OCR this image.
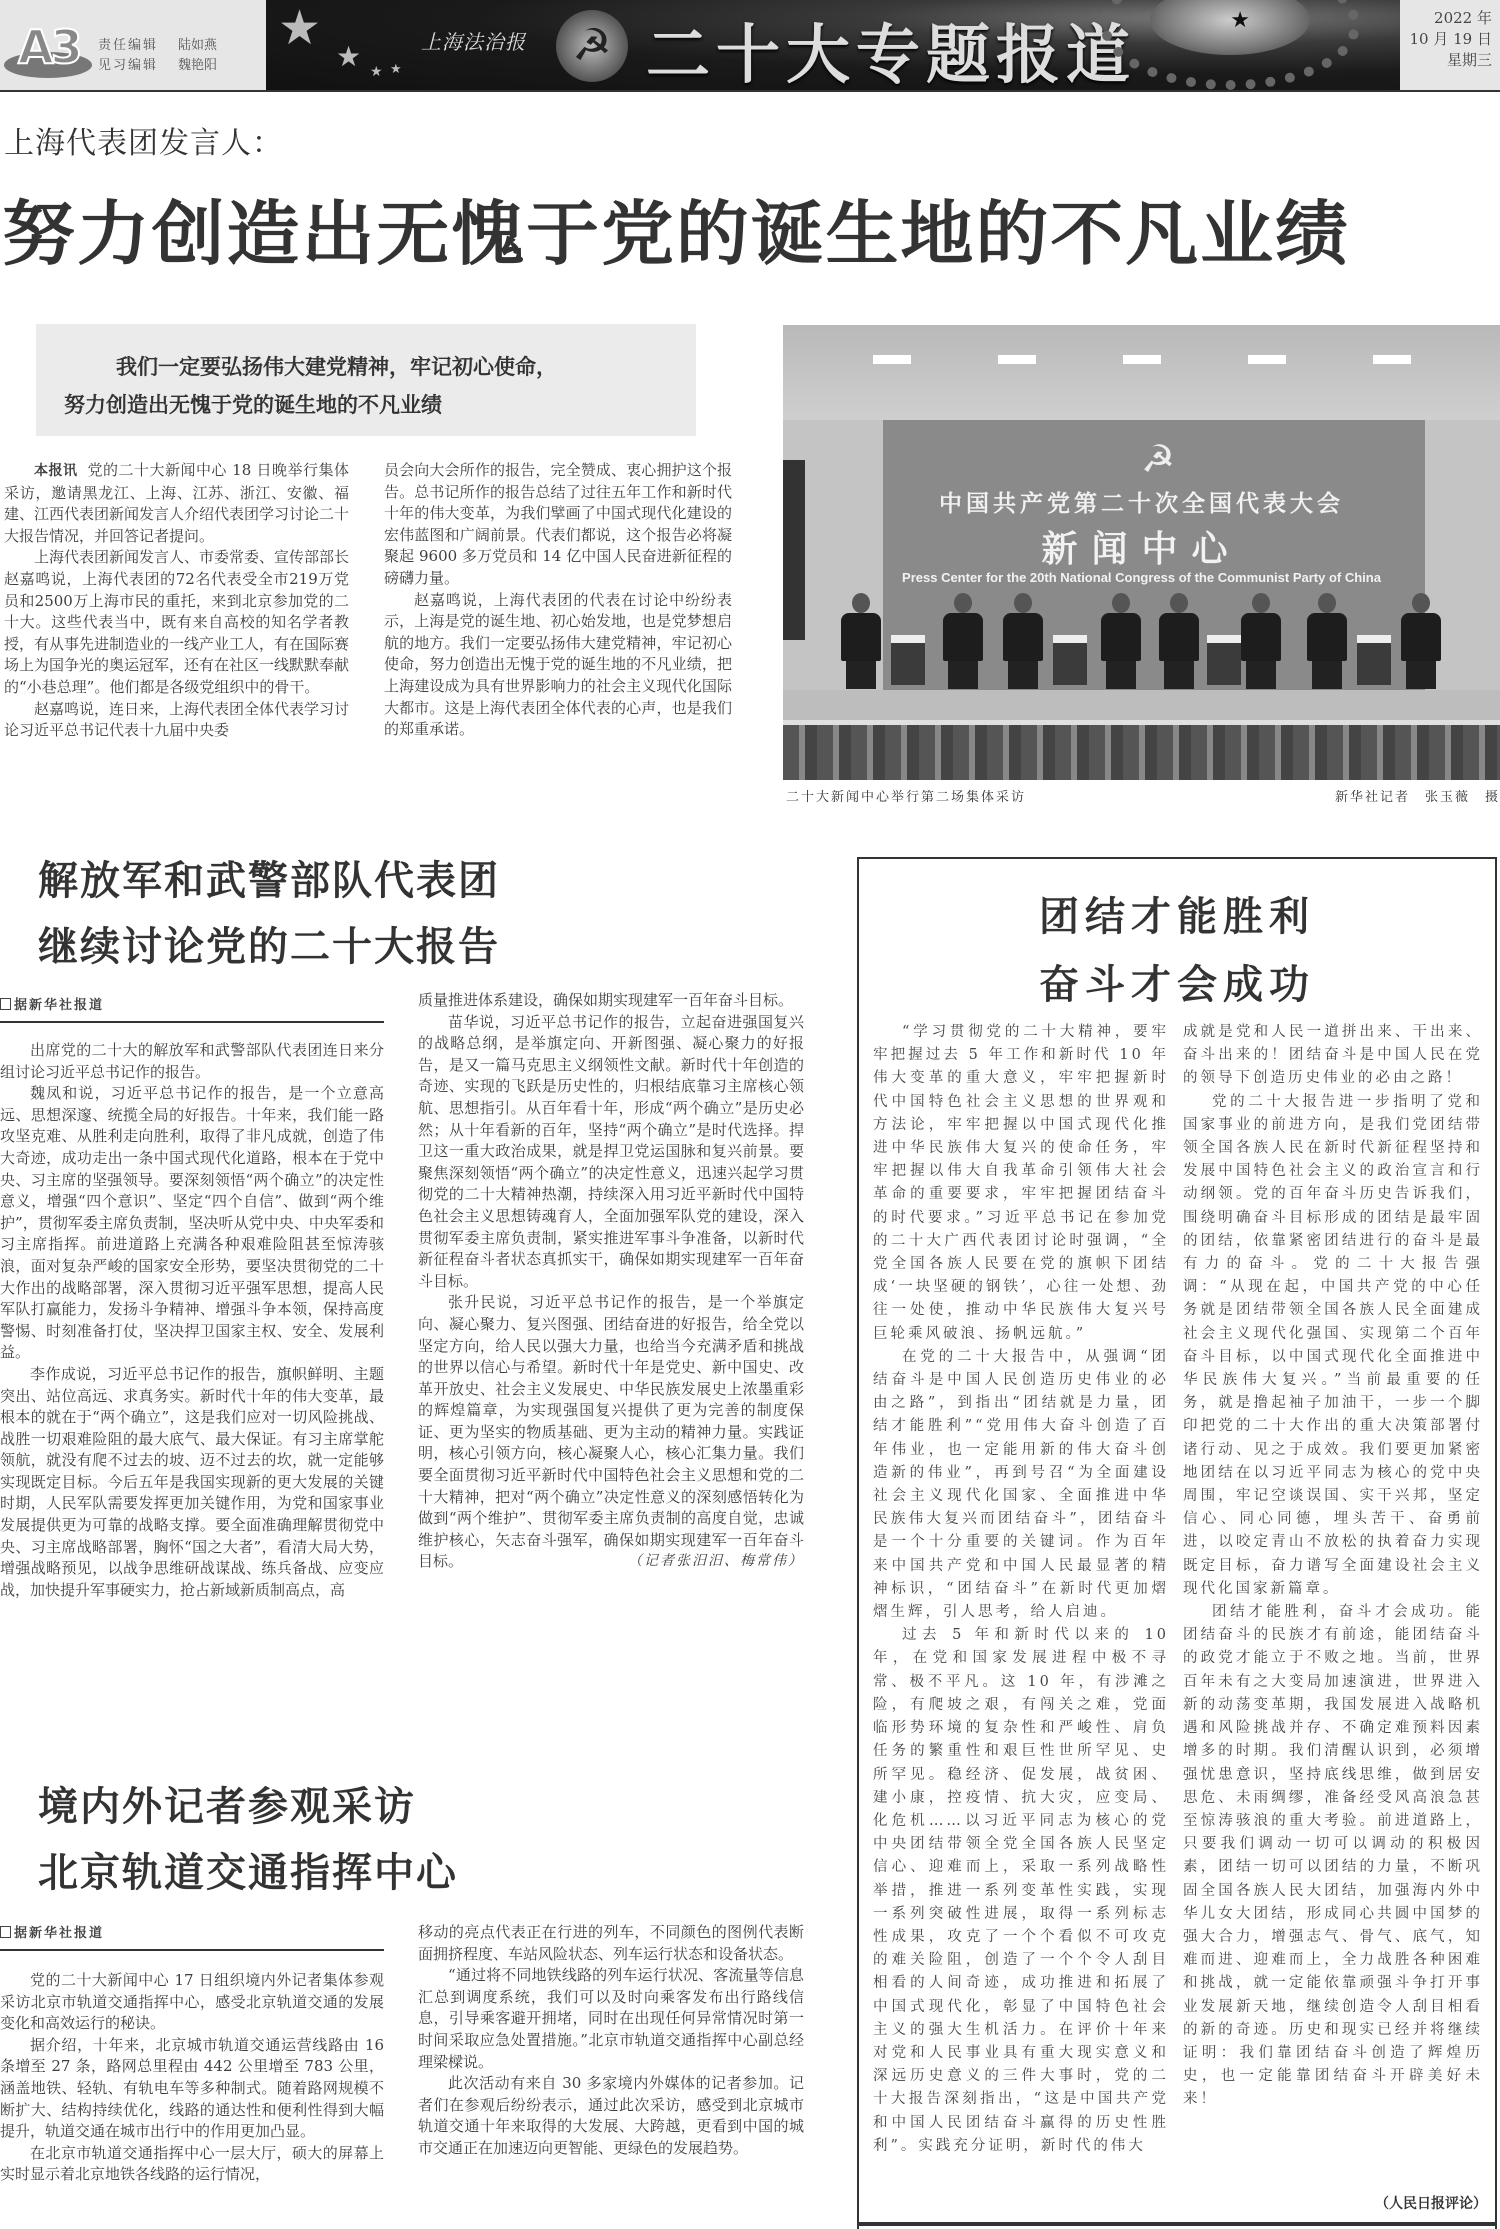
A3 责任编辑 陆如燕
见习编辑 魏艳阳
★
★ ★ ★
上海法治报	☭ 二十大专题报道	★	2022 年
10 月 19 日
星期三
上海代表团发言人：
努力创造出无愧于党的诞生地的不凡业绩
我们一定要弘扬伟大建党精神，牢记初心使命，
努力创造出无愧于党的诞生地的不凡业绩

本报讯 党的二十大新闻中心 18 日晚举行集体采访，邀请黑龙江、上海、江苏、浙江、安徽、福建、江西代表团新闻发言人介绍代表团学习讨论二十大报告情况，并回答记者提问。

上海代表团新闻发言人、市委常委、宣传部部长赵嘉鸣说，上海代表团的72名代表受全市219万党员和2500万上海市民的重托，来到北京参加党的二十大。这些代表当中，既有来自高校的知名学者教授，有从事先进制造业的一线产业工人，有在国际赛场上为国争光的奥运冠军，还有在社区一线默默奉献的“小巷总理”。他们都是各级党组织中的骨干。

赵嘉鸣说，连日来，上海代表团全体代表学习讨论习近平总书记代表十九届中央委

员会向大会所作的报告，完全赞成、衷心拥护这个报告。总书记所作的报告总结了过往五年工作和新时代十年的伟大变革，为我们擘画了中国式现代化建设的宏伟蓝图和广阔前景。代表们都说，这个报告必将凝聚起 9600 多万党员和 14 亿中国人民奋进新征程的磅礴力量。

赵嘉鸣说，上海代表团的代表在讨论中纷纷表示，上海是党的诞生地、初心始发地，也是党梦想启航的地方。我们一定要弘扬伟大建党精神，牢记初心使命，努力创造出无愧于党的诞生地的不凡业绩，把上海建设成为具有世界影响力的社会主义现代化国际大都市。这是上海代表团全体代表的心声，也是我们的郑重承诺。

☭
中国共产党第二十次全国代表大会
新闻中心
Press Center for the 20th National Congress of the Communist Party of China
二十大新闻中心举行第二场集体采访	新华社记者　张玉薇　摄
解放军和武警部队代表团
继续讨论党的二十大报告
据新华社报道

出席党的二十大的解放军和武警部队代表团连日来分组讨论习近平总书记作的报告。

魏凤和说，习近平总书记作的报告，是一个立意高远、思想深邃、统揽全局的好报告。十年来，我们能一路攻坚克难、从胜利走向胜利，取得了非凡成就，创造了伟大奇迹，成功走出一条中国式现代化道路，根本在于党中央、习主席的坚强领导。要深刻领悟“两个确立”的决定性意义，增强“四个意识”、坚定“四个自信”、做到“两个维护”，贯彻军委主席负责制，坚决听从党中央、中央军委和习主席指挥。前进道路上充满各种艰难险阻甚至惊涛骇浪，面对复杂严峻的国家安全形势，要坚决贯彻党的二十大作出的战略部署，深入贯彻习近平强军思想，提高人民军队打赢能力，发扬斗争精神、增强斗争本领，保持高度警惕、时刻准备打仗，坚决捍卫国家主权、安全、发展利益。

李作成说，习近平总书记作的报告，旗帜鲜明、主题突出、站位高远、求真务实。新时代十年的伟大变革，最根本的就在于“两个确立”，这是我们应对一切风险挑战、战胜一切艰难险阻的最大底气、最大保证。有习主席掌舵领航，就没有爬不过去的坡、迈不过去的坎，就一定能够实现既定目标。今后五年是我国实现新的更大发展的关键时期，人民军队需要发挥更加关键作用，为党和国家事业发展提供更为可靠的战略支撑。要全面准确理解贯彻党中央、习主席战略部署，胸怀“国之大者”，看清大局大势，增强战略预见，以战争思维研战谋战、练兵备战、应变应战，加快提升军事硬实力，抢占新域新质制高点，高

质量推进体系建设，确保如期实现建军一百年奋斗目标。

苗华说，习近平总书记作的报告，立起奋进强国复兴的战略总纲，是举旗定向、开新图强、凝心聚力的好报告，是又一篇马克思主义纲领性文献。新时代十年创造的奇迹、实现的飞跃是历史性的，归根结底靠习主席核心领航、思想指引。从百年看十年，形成“两个确立”是历史必然；从十年看新的百年，坚持“两个确立”是时代选择。捍卫这一重大政治成果，就是捍卫党运国脉和复兴前景。要聚焦深刻领悟“两个确立”的决定性意义，迅速兴起学习贯彻党的二十大精神热潮，持续深入用习近平新时代中国特色社会主义思想铸魂育人，全面加强军队党的建设，深入贯彻军委主席负责制，紧实推进军事斗争准备，以新时代新征程奋斗者状态真抓实干，确保如期实现建军一百年奋斗目标。

张升民说，习近平总书记作的报告，是一个举旗定向、凝心聚力、复兴图强、团结奋进的好报告，给全党以坚定方向，给人民以强大力量，也给当今充满矛盾和挑战的世界以信心与希望。新时代十年是党史、新中国史、改革开放史、社会主义发展史、中华民族发展史上浓墨重彩的辉煌篇章，为实现强国复兴提供了更为完善的制度保证、更为坚实的物质基础、更为主动的精神力量。实践证明，核心引领方向，核心凝聚人心，核心汇集力量。我们要全面贯彻习近平新时代中国特色社会主义思想和党的二十大精神，把对“两个确立”决定性意义的深刻感悟转化为做到“两个维护”、贯彻军委主席负责制的高度自觉，忠诚维护核心，矢志奋斗强军，确保如期实现建军一百年奋斗目标。	（记者张汨汨、梅常伟）

境内外记者参观采访
北京轨道交通指挥中心
据新华社报道

党的二十大新闻中心 17 日组织境内外记者集体参观采访北京市轨道交通指挥中心，感受北京轨道交通的发展变化和高效运行的秘诀。

据介绍，十年来，北京城市轨道交通运营线路由 16 条增至 27 条，路网总里程由 442 公里增至 783 公里，涵盖地铁、轻轨、有轨电车等多种制式。随着路网规模不断扩大、结构持续优化，线路的通达性和便利性得到大幅提升，轨道交通在城市出行中的作用更加凸显。

在北京市轨道交通指挥中心一层大厅，硕大的屏幕上实时显示着北京地铁各线路的运行情况，

移动的亮点代表正在行进的列车，不同颜色的图例代表断面拥挤程度、车站风险状态、列车运行状态和设备状态。

“通过将不同地铁线路的列车运行状况、客流量等信息汇总到调度系统，我们可以及时向乘客发布出行路线信息，引导乘客避开拥堵，同时在出现任何异常情况时第一时间采取应急处置措施。”北京市轨道交通指挥中心副总经理梁樑说。

此次活动有来自 30 多家境内外媒体的记者参加。记者们在参观后纷纷表示，通过此次采访，感受到北京城市轨道交通十年来取得的大发展、大跨越，更看到中国的城市交通正在加速迈向更智能、更绿色的发展趋势。

团结才能胜利
奋斗才会成功

“学习贯彻党的二十大精神，要牢牢把握过去 5 年工作和新时代 10 年伟大变革的重大意义，牢牢把握新时代中国特色社会主义思想的世界观和方法论，牢牢把握以中国式现代化推进中华民族伟大复兴的使命任务，牢牢把握以伟大自我革命引领伟大社会革命的重要要求，牢牢把握团结奋斗的时代要求。”习近平总书记在参加党的二十大广西代表团讨论时强调，“全党全国各族人民要在党的旗帜下团结成‘一块坚硬的钢铁’，心往一处想、劲往一处使，推动中华民族伟大复兴号巨轮乘风破浪、扬帆远航。”

在党的二十大报告中，从强调“团结奋斗是中国人民创造历史伟业的必由之路”，到指出“团结就是力量，团结才能胜利”“党用伟大奋斗创造了百年伟业，也一定能用新的伟大奋斗创造新的伟业”，再到号召“为全面建设社会主义现代化国家、全面推进中华民族伟大复兴而团结奋斗”，团结奋斗是一个十分重要的关键词。作为百年来中国共产党和中国人民最显著的精神标识，“团结奋斗”在新时代更加熠熠生辉，引人思考，给人启迪。

过去 5 年和新时代以来的 10 年，在党和国家发展进程中极不寻常、极不平凡。这 10 年，有涉滩之险，有爬坡之艰，有闯关之难，党面临形势环境的复杂性和严峻性、肩负任务的繁重性和艰巨性世所罕见、史所罕见。稳经济、促发展，战贫困、建小康，控疫情、抗大灾，应变局、化危机……以习近平同志为核心的党中央团结带领全党全国各族人民坚定信心、迎难而上，采取一系列战略性举措，推进一系列变革性实践，实现一系列突破性进展，取得一系列标志性成果，攻克了一个个看似不可攻克的难关险阻，创造了一个个令人刮目相看的人间奇迹，成功推进和拓展了中国式现代化，彰显了中国特色社会主义的强大生机活力。在评价十年来对党和人民事业具有重大现实意义和深远历史意义的三件大事时，党的二十大报告深刻指出，“这是中国共产党和中国人民团结奋斗赢得的历史性胜利”。实践充分证明，新时代的伟大

成就是党和人民一道拼出来、干出来、奋斗出来的！团结奋斗是中国人民在党的领导下创造历史伟业的必由之路！

党的二十大报告进一步指明了党和国家事业的前进方向，是我们党团结带领全国各族人民在新时代新征程坚持和发展中国特色社会主义的政治宣言和行动纲领。党的百年奋斗历史告诉我们，围绕明确奋斗目标形成的团结是最牢固的团结，依靠紧密团结进行的奋斗是最有力的奋斗。党的二十大报告强调：“从现在起，中国共产党的中心任务就是团结带领全国各族人民全面建成社会主义现代化强国、实现第二个百年奋斗目标，以中国式现代化全面推进中华民族伟大复兴。”当前最重要的任务，就是撸起袖子加油干，一步一个脚印把党的二十大作出的重大决策部署付诸行动、见之于成效。我们要更加紧密地团结在以习近平同志为核心的党中央周围，牢记空谈误国、实干兴邦，坚定信心、同心同德，埋头苦干、奋勇前进，以咬定青山不放松的执着奋力实现既定目标，奋力谱写全面建设社会主义现代化国家新篇章。

团结才能胜利，奋斗才会成功。能团结奋斗的民族才有前途，能团结奋斗的政党才能立于不败之地。当前，世界百年未有之大变局加速演进，世界进入新的动荡变革期，我国发展进入战略机遇和风险挑战并存、不确定难预料因素增多的时期。我们清醒认识到，必须增强忧患意识，坚持底线思维，做到居安思危、未雨绸缪，准备经受风高浪急甚至惊涛骇浪的重大考验。前进道路上，只要我们调动一切可以调动的积极因素，团结一切可以团结的力量，不断巩固全国各族人民大团结，加强海内外中华儿女大团结，形成同心共圆中国梦的强大合力，增强志气、骨气、底气，知难而进、迎难而上，全力战胜各种困难和挑战，就一定能依靠顽强斗争打开事业发展新天地，继续创造令人刮目相看的新的奇迹。历史和现实已经并将继续证明：我们靠团结奋斗创造了辉煌历史，也一定能靠团结奋斗开辟美好未来！

（人民日报评论）
